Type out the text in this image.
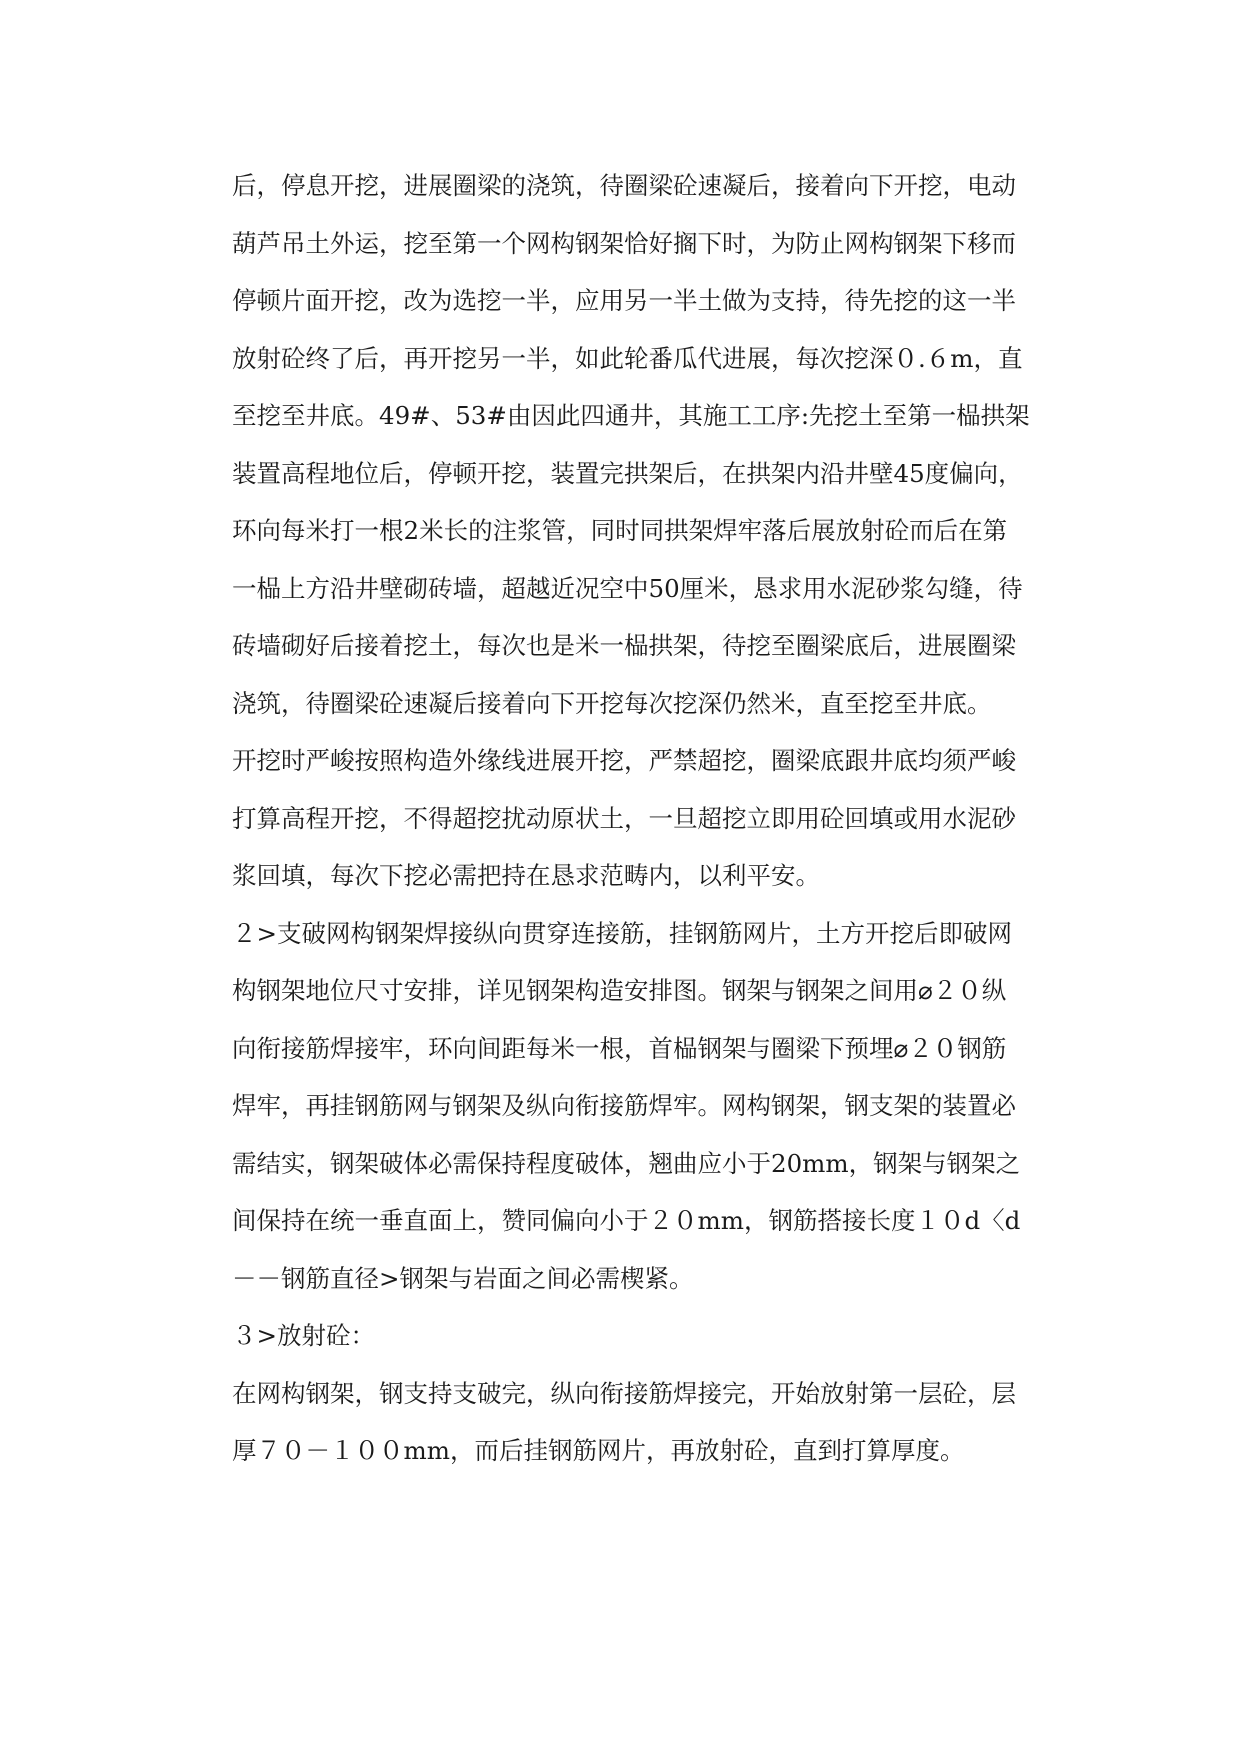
后，停息开挖，进展圈梁的浇筑，待圈梁砼速凝后，接着向下开挖，电动
葫芦吊土外运，挖至第一个网构钢架恰好搁下时，为防止网构钢架下移而
停顿片面开挖，改为选挖一半，应用另一半土做为支持，待先挖的这一半
放射砼终了后，再开挖另一半，如此轮番瓜代进展，每次挖深０.６m，直
至挖至井底。49#、53#由因此四通井，其施工工序:先挖土至第一榀拱架
装置高程地位后，停顿开挖，装置完拱架后，在拱架内沿井壁45度偏向，
环向每米打一根2米长的注浆管，同时同拱架焊牢落后展放射砼而后在第
一榀上方沿井壁砌砖墙，超越近况空中50厘米，恳求用水泥砂浆勾缝，待
砖墙砌好后接着挖土，每次也是米一榀拱架，待挖至圈梁底后，进展圈梁
浇筑，待圈梁砼速凝后接着向下开挖每次挖深仍然米，直至挖至井底。
开挖时严峻按照构造外缘线进展开挖，严禁超挖，圈梁底跟井底均须严峻
打算高程开挖，不得超挖扰动原状土，一旦超挖立即用砼回填或用水泥砂
浆回填，每次下挖必需把持在恳求范畴内，以利平安。
２>支破网构钢架焊接纵向贯穿连接筋，挂钢筋网片，土方开挖后即破网
构钢架地位尺寸安排，详见钢架构造安排图。钢架与钢架之间用⌀２０纵
向衔接筋焊接牢，环向间距每米一根，首榀钢架与圈梁下预埋⌀２０钢筋
焊牢，再挂钢筋网与钢架及纵向衔接筋焊牢。网构钢架，钢支架的装置必
需结实，钢架破体必需保持程度破体，翘曲应小于20mm，钢架与钢架之
间保持在统一垂直面上，赞同偏向小于２０mm，钢筋搭接长度１０d〈d
－－钢筋直径>钢架与岩面之间必需楔紧。
３>放射砼：
在网构钢架，钢支持支破完，纵向衔接筋焊接完，开始放射第一层砼，层
厚７０－１００mm，而后挂钢筋网片，再放射砼，直到打算厚度。
